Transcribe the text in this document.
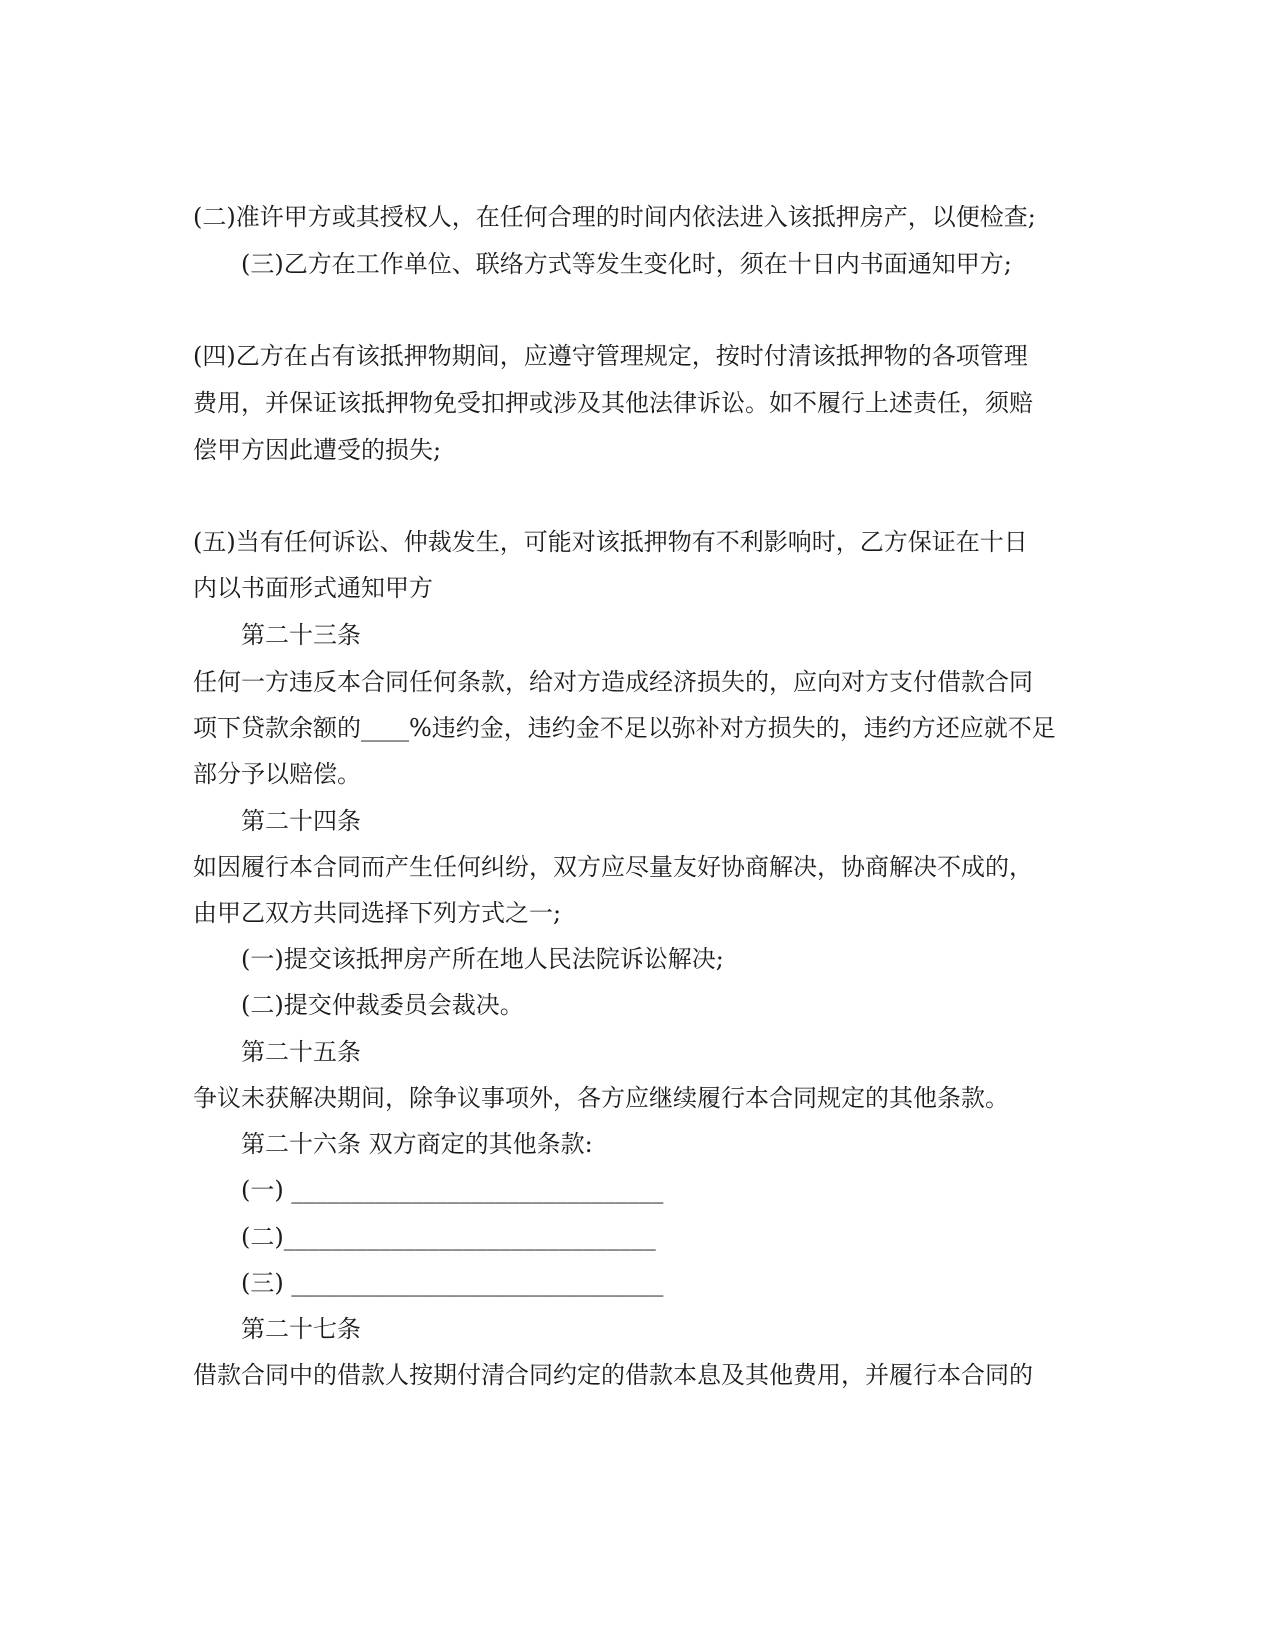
(二)准许甲方或其授权人，在任何合理的时间内依法进入该抵押房产，以便检查;

(三)乙方在工作单位、联络方式等发生变化时，须在十日内书面通知甲方;

(四)乙方在占有该抵押物期间，应遵守管理规定，按时付清该抵押物的各项管理

费用，并保证该抵押物免受扣押或涉及其他法律诉讼。如不履行上述责任，须赔

偿甲方因此遭受的损失;

(五)当有任何诉讼、仲裁发生，可能对该抵押物有不利影响时，乙方保证在十日

内以书面形式通知甲方

第二十三条

任何一方违反本合同任何条款，给对方造成经济损失的，应向对方支付借款合同

项下贷款余额的____%违约金，违约金不足以弥补对方损失的，违约方还应就不足

部分予以赔偿。

第二十四条

如因履行本合同而产生任何纠纷，双方应尽量友好协商解决，协商解决不成的，

由甲乙双方共同选择下列方式之一;

(一)提交该抵押房产所在地人民法院诉讼解决;

(二)提交仲裁委员会裁决。

第二十五条

争议未获解决期间，除争议事项外，各方应继续履行本合同规定的其他条款。

第二十六条 双方商定的其他条款:

(一) _______________________________

(二)_______________________________

(三) _______________________________

第二十七条

借款合同中的借款人按期付清合同约定的借款本息及其他费用，并履行本合同的
